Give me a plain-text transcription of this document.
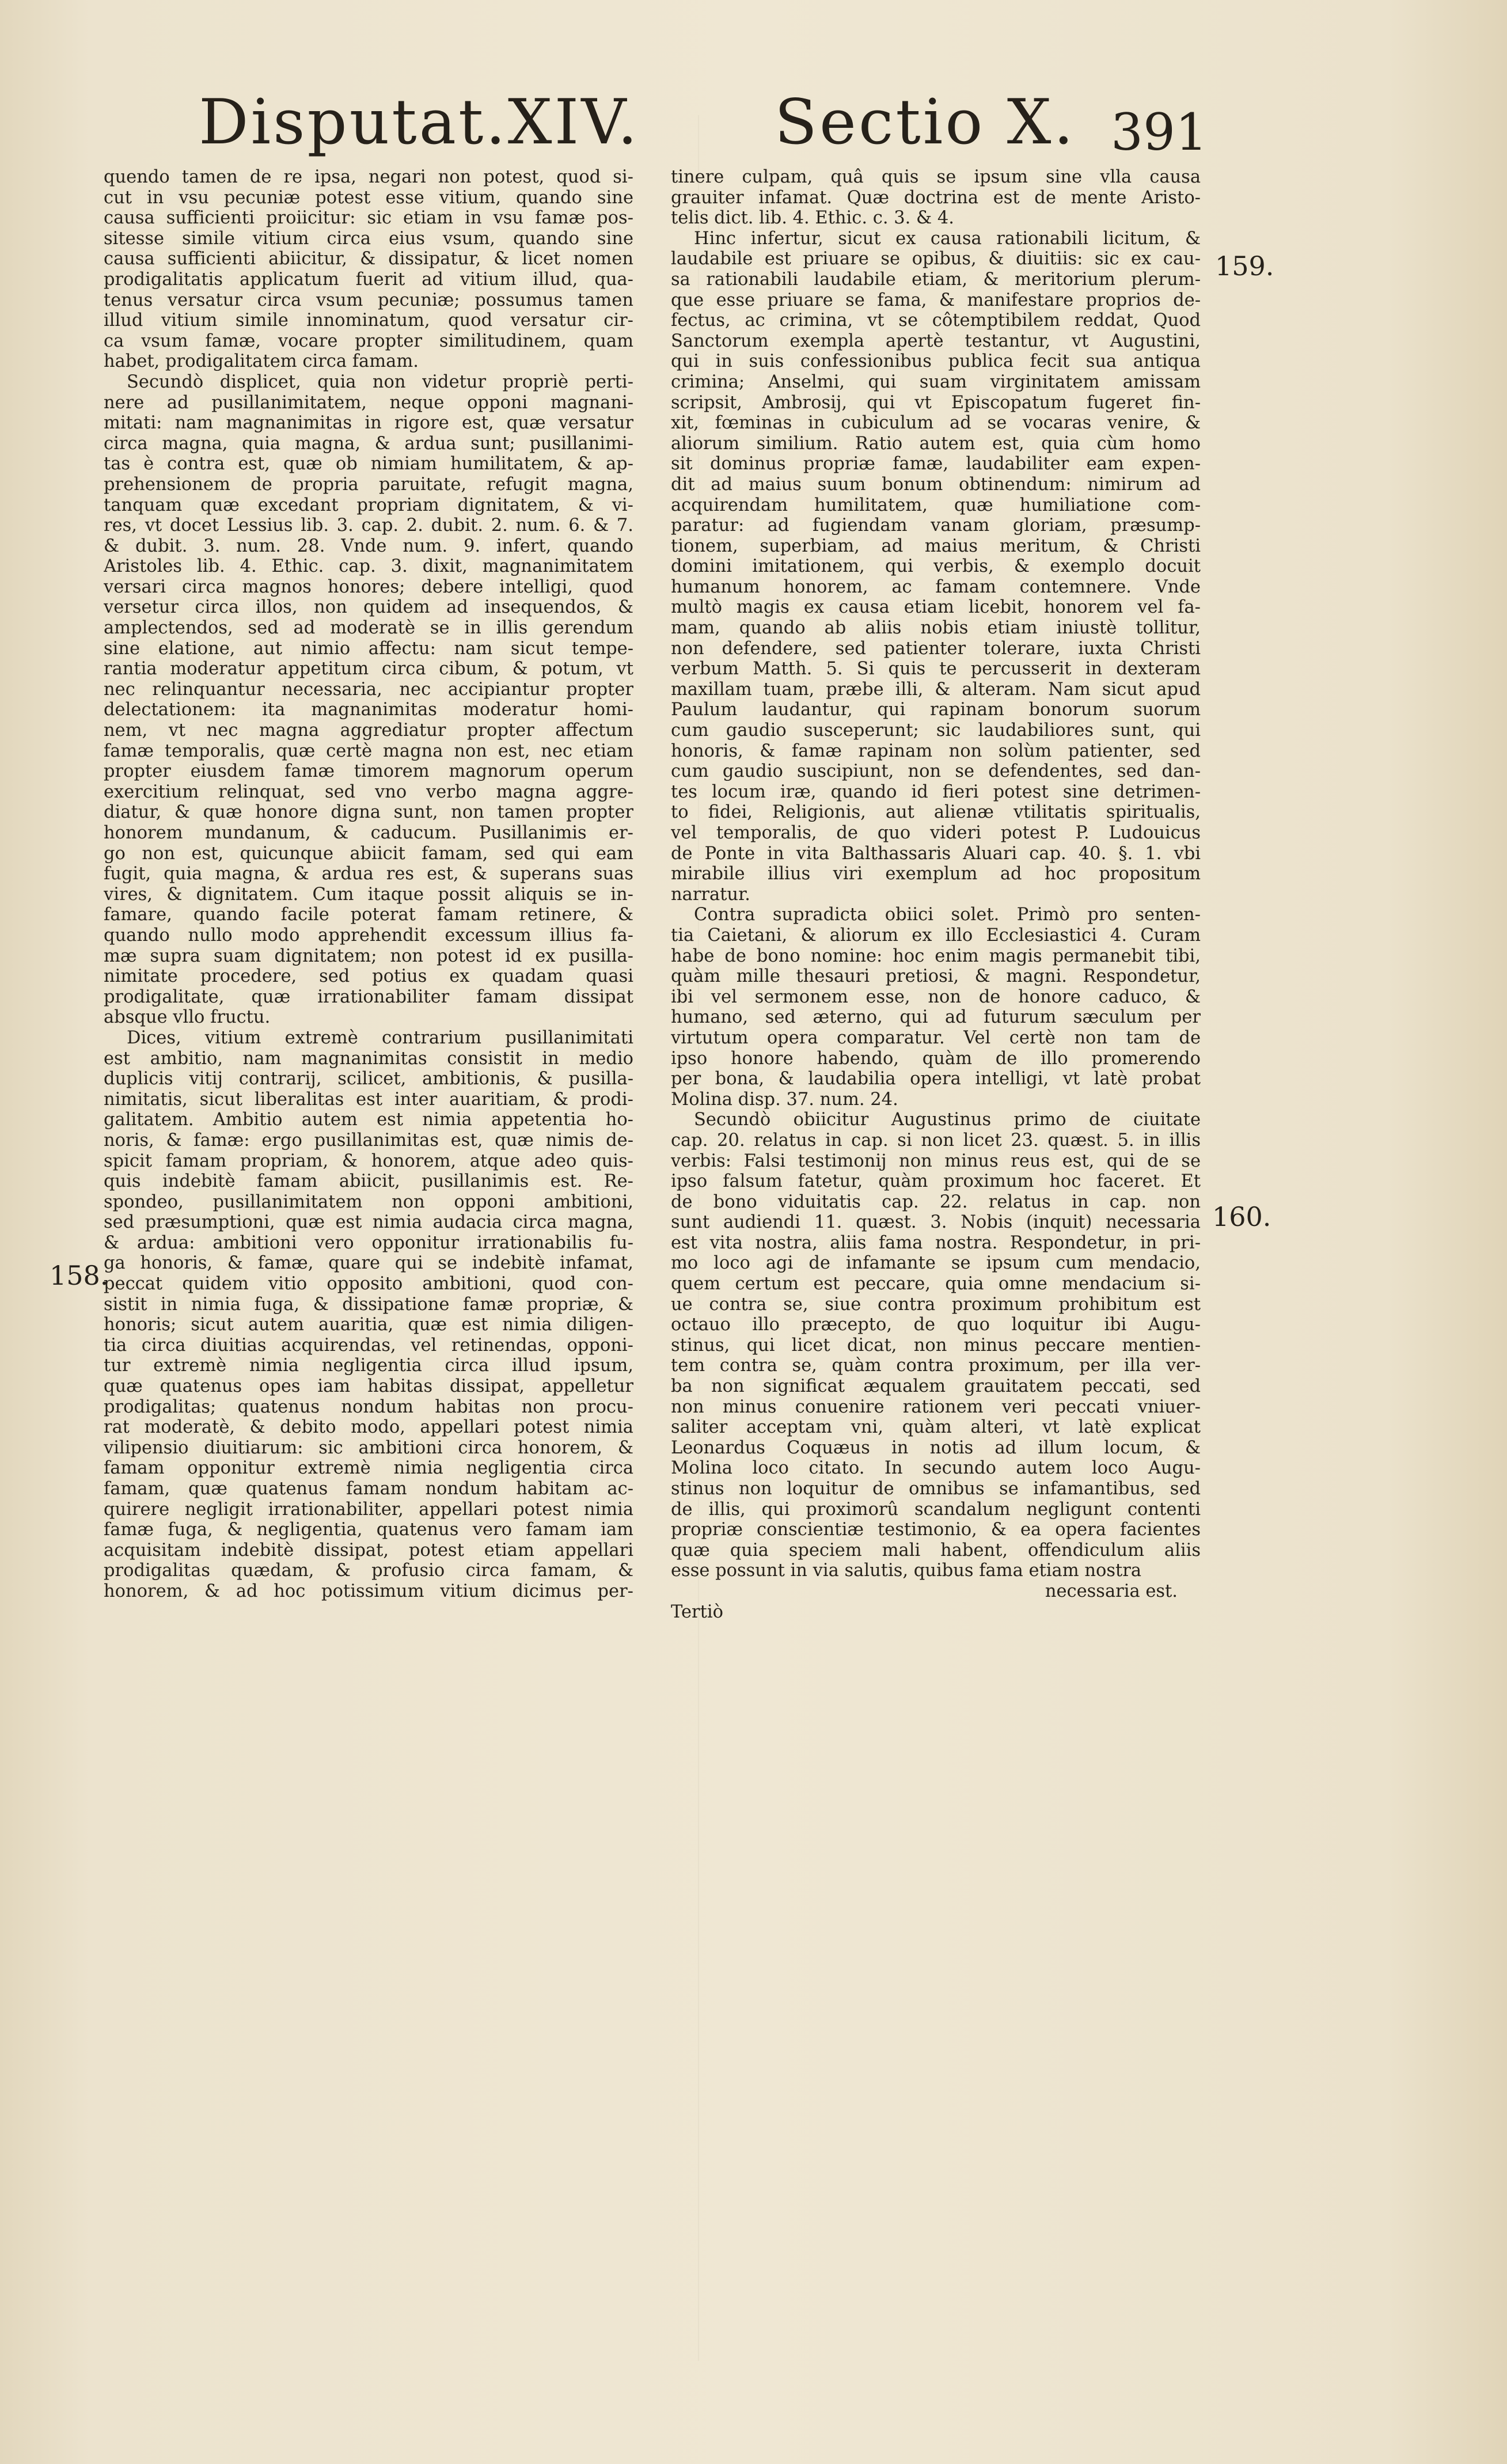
Disputat.XIV. Sectio X. 391
quendo tamen de re ipsa, negari non potest, quod si-
cut in vsu pecuniæ potest esse vitium, quando sine
causa sufficienti proiicitur: sic etiam in vsu famæ pos-
sitesse simile vitium circa eius vsum, quando sine
causa sufficienti abiicitur, & dissipatur, & licet nomen
prodigalitatis applicatum fuerit ad vitium illud, qua-
tenus versatur circa vsum pecuniæ; possumus tamen
illud vitium simile innominatum, quod versatur cir-
ca vsum famæ, vocare propter similitudinem, quam
habet, prodigalitatem circa famam.
Secundò displicet, quia non videtur propriè perti-
nere ad pusillanimitatem, neque opponi magnani-
mitati: nam magnanimitas in rigore est, quæ versatur
circa magna, quia magna, & ardua sunt; pusillanimi-
tas è contra est, quæ ob nimiam humilitatem, & ap-
prehensionem de propria paruitate, refugit magna,
tanquam quæ excedant propriam dignitatem, & vi-
res, vt docet Lessius lib. 3. cap. 2. dubit. 2. num. 6. & 7.
& dubit. 3. num. 28. Vnde num. 9. infert, quando
Aristoles lib. 4. Ethic. cap. 3. dixit, magnanimitatem
versari circa magnos honores; debere intelligi, quod
versetur circa illos, non quidem ad insequendos, &
amplectendos, sed ad moderatè se in illis gerendum
sine elatione, aut nimio affectu: nam sicut tempe-
rantia moderatur appetitum circa cibum, & potum, vt
nec relinquantur necessaria, nec accipiantur propter
delectationem: ita magnanimitas moderatur homi-
nem, vt nec magna aggrediatur propter affectum
famæ temporalis, quæ certè magna non est, nec etiam
propter eiusdem famæ timorem magnorum operum
exercitium relinquat, sed vno verbo magna aggre-
diatur, & quæ honore digna sunt, non tamen propter
honorem mundanum, & caducum. Pusillanimis er-
go non est, quicunque abiicit famam, sed qui eam
fugit, quia magna, & ardua res est, & superans suas
vires, & dignitatem. Cum itaque possit aliquis se in-
famare, quando facile poterat famam retinere, &
quando nullo modo apprehendit excessum illius fa-
mæ supra suam dignitatem; non potest id ex pusilla-
nimitate procedere, sed potius ex quadam quasi
prodigalitate, quæ irrationabiliter famam dissipat
absque vllo fructu.
Dices, vitium extremè contrarium pusillanimitati
est ambitio, nam magnanimitas consistit in medio
duplicis vitij contrarij, scilicet, ambitionis, & pusilla-
nimitatis, sicut liberalitas est inter auaritiam, & prodi-
galitatem. Ambitio autem est nimia appetentia ho-
noris, & famæ: ergo pusillanimitas est, quæ nimis de-
spicit famam propriam, & honorem, atque adeo quis-
quis indebitè famam abiicit, pusillanimis est. Re-
spondeo, pusillanimitatem non opponi ambitioni,
sed præsumptioni, quæ est nimia audacia circa magna,
& ardua: ambitioni vero opponitur irrationabilis fu-
ga honoris, & famæ, quare qui se indebitè infamat,
peccat quidem vitio opposito ambitioni, quod con-
sistit in nimia fuga, & dissipatione famæ propriæ, &
honoris; sicut autem auaritia, quæ est nimia diligen-
tia circa diuitias acquirendas, vel retinendas, opponi-
tur extremè nimia negligentia circa illud ipsum,
quæ quatenus opes iam habitas dissipat, appelletur
prodigalitas; quatenus nondum habitas non procu-
rat moderatè, & debito modo, appellari potest nimia
vilipensio diuitiarum: sic ambitioni circa honorem, &
famam opponitur extremè nimia negligentia circa
famam, quæ quatenus famam nondum habitam ac-
quirere negligit irrationabiliter, appellari potest nimia
famæ fuga, & negligentia, quatenus vero famam iam
acquisitam indebitè dissipat, potest etiam appellari
prodigalitas quædam, & profusio circa famam, &
honorem, & ad hoc potissimum vitium dicimus per-
tinere culpam, quâ quis se ipsum sine vlla causa
grauiter infamat. Quæ doctrina est de mente Aristo-
telis dict. lib. 4. Ethic. c. 3. & 4.
Hinc infertur, sicut ex causa rationabili licitum, &
laudabile est priuare se opibus, & diuitiis: sic ex cau-
sa rationabili laudabile etiam, & meritorium plerum-
que esse priuare se fama, & manifestare proprios de-
fectus, ac crimina, vt se côtemptibilem reddat, Quod
Sanctorum exempla apertè testantur, vt Augustini,
qui in suis confessionibus publica fecit sua antiqua
crimina; Anselmi, qui suam virginitatem amissam
scripsit, Ambrosij, qui vt Episcopatum fugeret fin-
xit, fœminas in cubiculum ad se vocaras venire, &
aliorum similium. Ratio autem est, quia cùm homo
sit dominus propriæ famæ, laudabiliter eam expen-
dit ad maius suum bonum obtinendum: nimirum ad
acquirendam humilitatem, quæ humiliatione com-
paratur: ad fugiendam vanam gloriam, præsump-
tionem, superbiam, ad maius meritum, & Christi
domini imitationem, qui verbis, & exemplo docuit
humanum honorem, ac famam contemnere. Vnde
multò magis ex causa etiam licebit, honorem vel fa-
mam, quando ab aliis nobis etiam iniustè tollitur,
non defendere, sed patienter tolerare, iuxta Christi
verbum Matth. 5. Si quis te percusserit in dexteram
maxillam tuam, præbe illi, & alteram. Nam sicut apud
Paulum laudantur, qui rapinam bonorum suorum
cum gaudio susceperunt; sic laudabiliores sunt, qui
honoris, & famæ rapinam non solùm patienter, sed
cum gaudio suscipiunt, non se defendentes, sed dan-
tes locum iræ, quando id fieri potest sine detrimen-
to fidei, Religionis, aut alienæ vtilitatis spiritualis,
vel temporalis, de quo videri potest P. Ludouicus
de Ponte in vita Balthassaris Aluari cap. 40. §. 1. vbi
mirabile illius viri exemplum ad hoc propositum
narratur.
Contra supradicta obiici solet. Primò pro senten-
tia Caietani, & aliorum ex illo Ecclesiastici 4. Curam
habe de bono nomine: hoc enim magis permanebit tibi,
quàm mille thesauri pretiosi, & magni. Respondetur,
ibi vel sermonem esse, non de honore caduco, &
humano, sed æterno, qui ad futurum sæculum per
virtutum opera comparatur. Vel certè non tam de
ipso honore habendo, quàm de illo promerendo
per bona, & laudabilia opera intelligi, vt latè probat
Molina disp. 37. num. 24.
Secundò obiicitur Augustinus primo de ciuitate
cap. 20. relatus in cap. si non licet 23. quæst. 5. in illis
verbis: Falsi testimonij non minus reus est, qui de se
ipso falsum fatetur, quàm proximum hoc faceret. Et
de bono viduitatis cap. 22. relatus in cap. non
sunt audiendi 11. quæst. 3. Nobis (inquit) necessaria
est vita nostra, aliis fama nostra. Respondetur, in pri-
mo loco agi de infamante se ipsum cum mendacio,
quem certum est peccare, quia omne mendacium si-
ue contra se, siue contra proximum prohibitum est
octauo illo præcepto, de quo loquitur ibi Augu-
stinus, qui licet dicat, non minus peccare mentien-
tem contra se, quàm contra proximum, per illa ver-
ba non significat æqualem grauitatem peccati, sed
non minus conuenire rationem veri peccati vniuer-
saliter acceptam vni, quàm alteri, vt latè explicat
Leonardus Coquæus in notis ad illum locum, &
Molina loco citato. In secundo autem loco Augu-
stinus non loquitur de omnibus se infamantibus, sed
de illis, qui proximorû scandalum negligunt contenti
propriæ conscientiæ testimonio, & ea opera facientes
quæ quia speciem mali habent, offendiculum aliis
esse possunt in via salutis, quibus fama etiam nostra
necessaria est.
Tertiò
158.
159.
160.
